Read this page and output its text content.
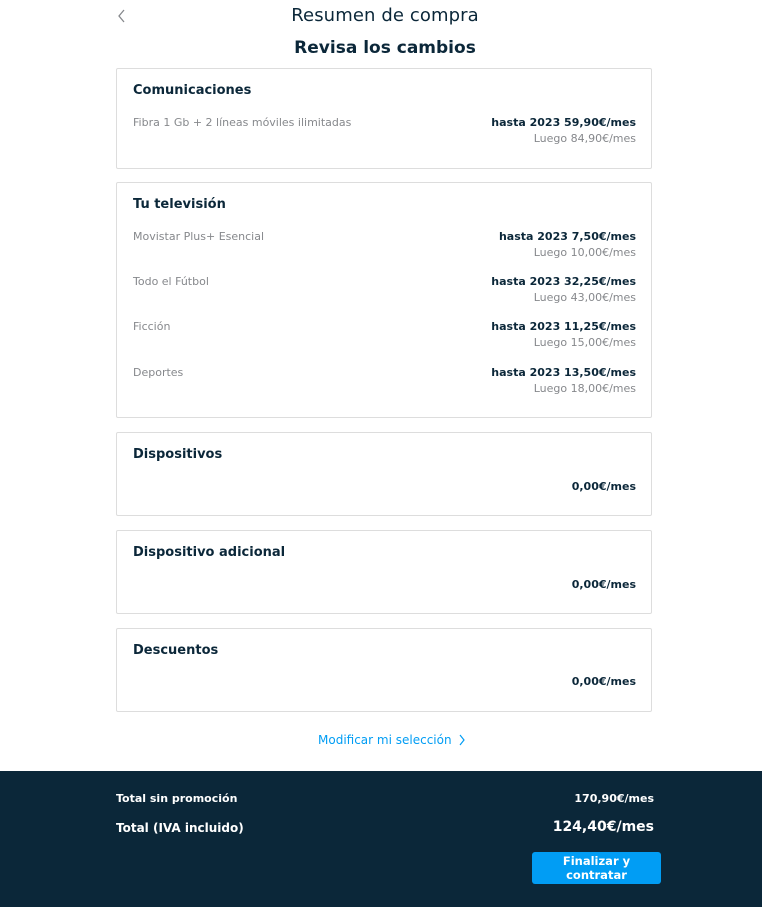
Resumen de compra
Revisa los cambios
Comunicaciones
Fibra 1 Gb + 2 líneas móviles ilimitadas	hasta 2023 59,90€/mes
Luego 84,90€/mes
Tu televisión
Movistar Plus+ Esencial	hasta 2023 7,50€/mes
Luego 10,00€/mes
Todo el Fútbol	hasta 2023 32,25€/mes
Luego 43,00€/mes
Ficción	hasta 2023 11,25€/mes
Luego 15,00€/mes
Deportes	hasta 2023 13,50€/mes
Luego 18,00€/mes
Dispositivos
0,00€/mes
Dispositivo adicional
0,00€/mes
Descuentos
0,00€/mes
Modificar mi selección
Total sin promoción	170,90€/mes
Total (IVA incluido)	124,40€/mes
Finalizar y contratar
